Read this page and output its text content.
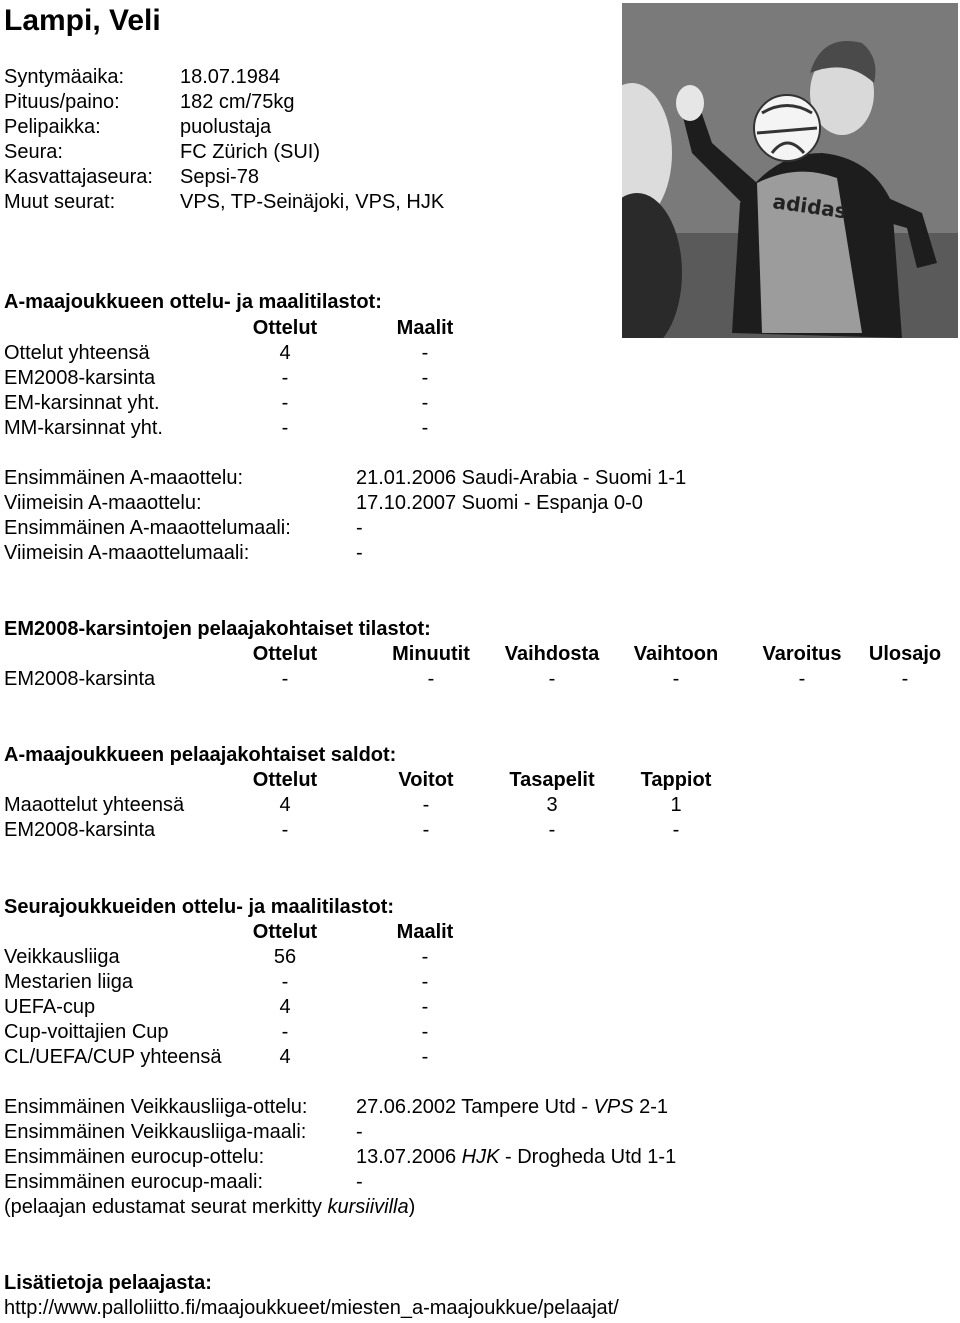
Lampi, Veli
Syntymäaika:	18.07.1984
Pituus/paino:	182 cm/75kg
Pelipaikka:	puolustaja
Seura:	FC Zürich (SUI)
Kasvattajaseura: Sepsi-78
Muut seurat:	VPS, TP-Seinäjoki, VPS, HJK	adidas
A-maajoukkueen ottelu- ja maalitilastot:
Ottelut	Maalit
Ottelut yhteensä	4	-
EM2008-karsinta	-	-
EM-karsinnat yht.	-	-
MM-karsinnat yht.	-	-
Ensimmäinen A-maaottelu:	21.01.2006 Saudi-Arabia - Suomi 1-1
Viimeisin A-maaottelu:	17.10.2007 Suomi - Espanja 0-0
Ensimmäinen A-maaottelumaali:	-
Viimeisin A-maaottelumaali:	-
EM2008-karsintojen pelaajakohtaiset tilastot:
Ottelut	Minuutit	Vaihdosta	Vaihtoon	Varoitus	Ulosajo
EM2008-karsinta	-	-	-	-	-	-
A-maajoukkueen pelaajakohtaiset saldot:
Ottelut	Voitot	Tasapelit	Tappiot
Maaottelut yhteensä	4	-	3	1
EM2008-karsinta	-	-	-	-
Seurajoukkueiden ottelu- ja maalitilastot:
Ottelut	Maalit
Veikkausliiga	56	-
Mestarien liiga	-	-
UEFA-cup	4	-
Cup-voittajien Cup	-	-
CL/UEFA/CUP yhteensä	4	-
Ensimmäinen Veikkausliiga-ottelu: 27.06.2002 Tampere Utd - VPS 2-1
Ensimmäinen Veikkausliiga-maali: -
Ensimmäinen eurocup-ottelu:	13.07.2006 HJK - Drogheda Utd 1-1
Ensimmäinen eurocup-maali:	-
(pelaajan edustamat seurat merkitty kursiivilla)
Lisätietoja pelaajasta:
http://www.palloliitto.fi/maajoukkueet/miesten_a-maajoukkue/pelaajat/
